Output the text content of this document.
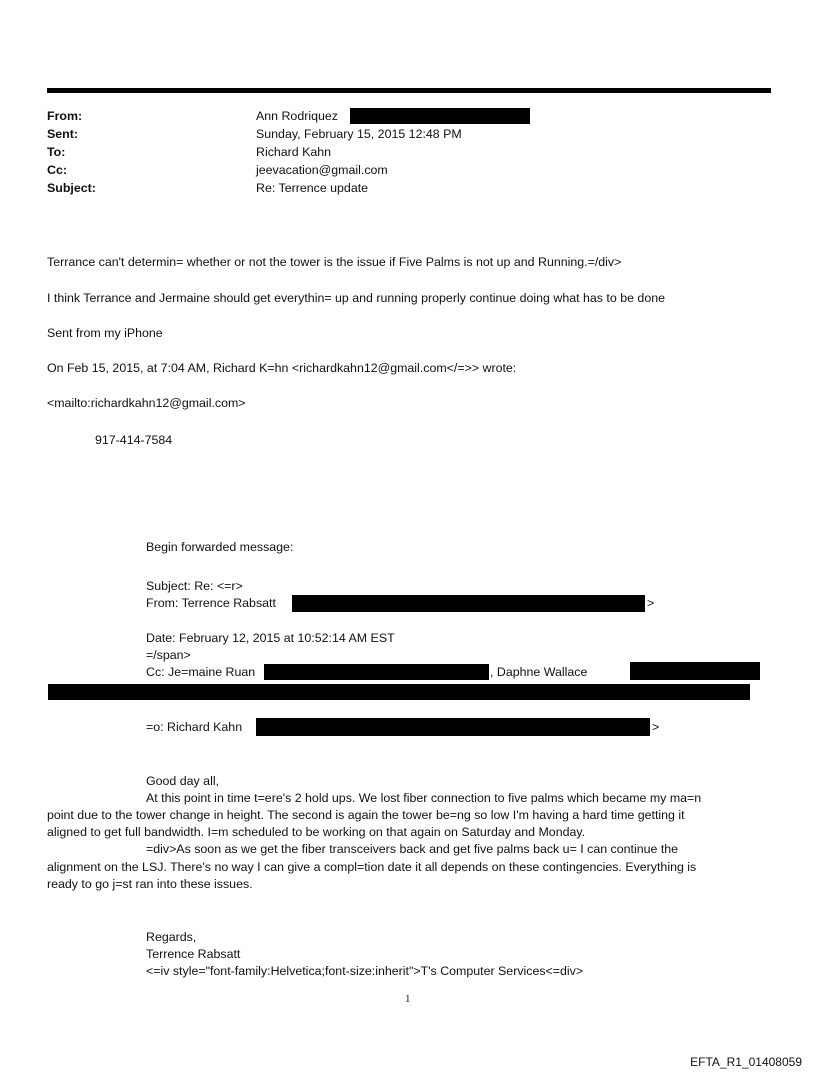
From:	Ann Rodriquez
Sent:	Sunday, February 15, 2015 12:48 PM
To:	Richard Kahn
Cc:	jeevacation@gmail.com
Subject:	Re: Terrence update
Terrance can't determin= whether or not the tower is the issue if Five Palms is not up and Running.=/div>
I think Terrance and Jermaine should get everythin= up and running properly continue doing what has to be done
Sent from my iPhone
On Feb 15, 2015, at 7:04 AM, Richard K=hn <richardkahn12@gmail.com</=>> wrote:
<mailto:richardkahn12@gmail.com>
917-414-7584
Begin forwarded message:
Subject: Re: <=r>
From: Terrence Rabsatt	>
Date: February 12, 2015 at 10:52:14 AM EST
=/span>
Cc: Je=maine Ruan	, Daphne Wallace
=o: Richard Kahn	>
Good day all,
At this point in time t=ere's 2 hold ups. We lost fiber connection to five palms which became my ma=n
point due to the tower change in height. The second is again the tower be=ng so low I'm having a hard time getting it
aligned to get full bandwidth. I=m scheduled to be working on that again on Saturday and Monday.
=div>As soon as we get the fiber transceivers back and get five palms back u= I can continue the
alignment on the LSJ. There's no way I can give a compl=tion date it all depends on these contingencies. Everything is
ready to go j=st ran into these issues.
Regards,
Terrence Rabsatt
<=iv style="font-family:Helvetica;font-size:inherit">T's Computer Services<=div>
1
EFTA_R1_01408059
